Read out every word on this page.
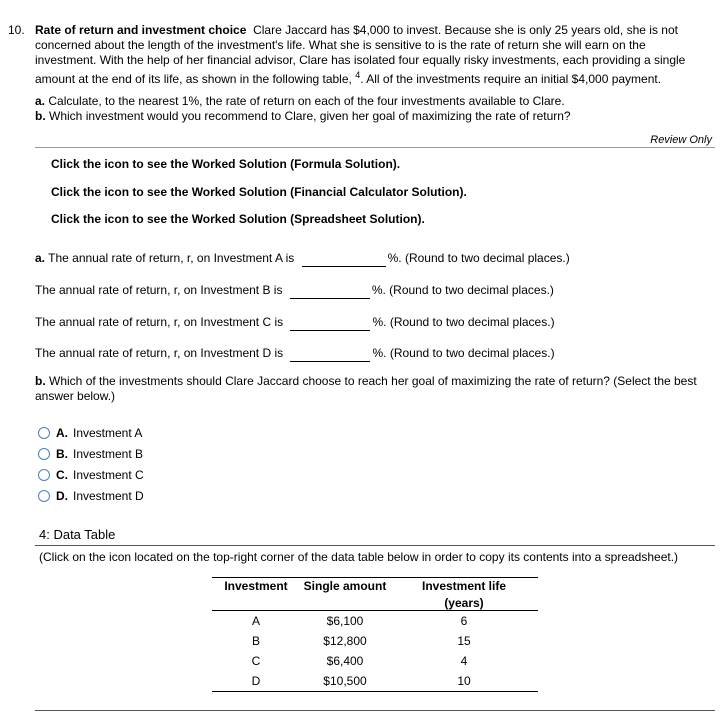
10. Rate of return and investment choice Clare Jaccard has $4,000 to invest. Because she is only 25 years old, she is not concerned about the length of the investment's life. What she is sensitive to is the rate of return she will earn on the investment. With the help of her financial advisor, Clare has isolated four equally risky investments, each providing a single amount at the end of its life, as shown in the following table, $^4$. All of the investments require an initial $4,000 payment.
a. Calculate, to the nearest 1%, the rate of return on each of the four investments available to Clare.
b. Which investment would you recommend to Clare, given her goal of maximizing the rate of return?
Review Only
Click the icon to see the Worked Solution (Formula Solution).
Click the icon to see the Worked Solution (Financial Calculator Solution).
Click the icon to see the Worked Solution (Spreadsheet Solution).
a. The annual rate of return, r, on Investment A is	%. (Round to two decimal places.)
The annual rate of return, r, on Investment B is	%. (Round to two decimal places.)
The annual rate of return, r, on Investment C is	%. (Round to two decimal places.)
The annual rate of return, r, on Investment D is	%. (Round to two decimal places.)
b. Which of the investments should Clare Jaccard choose to reach her goal of maximizing the rate of return? (Select the best answer below.)
A. Investment A
B. Investment B
C. Investment C
D. Investment D
4: Data Table
(Click on the icon located on the top-right corner of the data table below in order to copy its contents into a spreadsheet.)
Investment	Single amount	Investment life
		(years)
A	$6,100	6
B	$12,800	15
C	$6,400	4
D	$10,500	10
